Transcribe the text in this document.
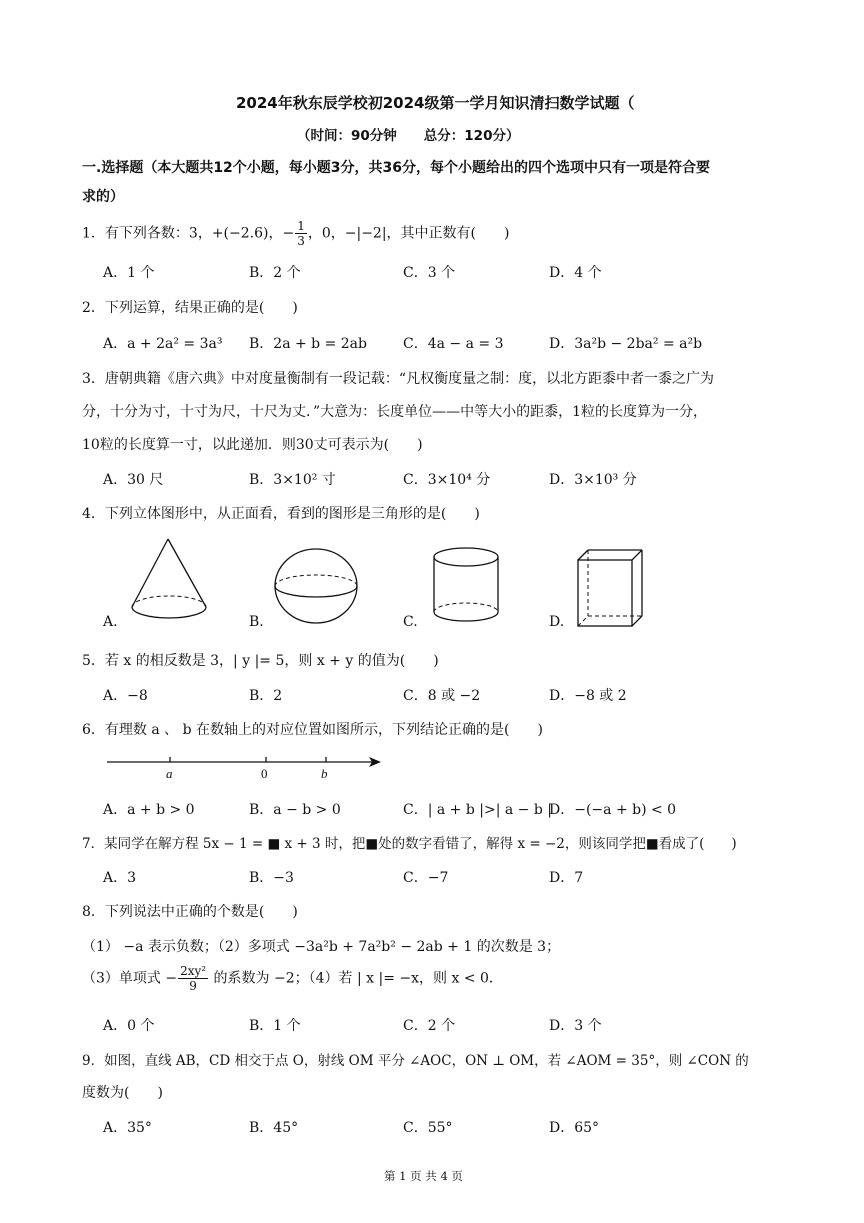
2024年秋东辰学校初2024级第一学月知识清扫数学试题（
（时间：90分钟　　总分：120分）
一.选择题（本大题共12个小题，每小题3分，共36分，每个小题给出的四个选项中只有一项是符合要
求的）
1．有下列各数：3，+(−2.6)，− $\frac{1}{3}$ ，0，−|−2|，其中正数有(　　)
A．1 个	B．2 个	C．3 个	D．4 个
2．下列运算，结果正确的是(　　)
A．a + 2a² = 3a³ B．2a + b = 2ab	C．4a − a = 3	D．3a²b − 2ba² = a²b
3．唐朝典籍《唐六典》中对度量衡制有一段记载：“凡权衡度量之制：度，以北方距黍中者一黍之广为
分，十分为寸，十寸为尺，十尺为丈．”大意为：长度单位——中等大小的距黍，1粒的长度算为一分，
10粒的长度算一寸，以此递加．则30丈可表示为(　　)
A．30 尺	B．3×10² 寸	C．3×10⁴ 分	D．3×10³ 分
4．下列立体图形中，从正面看，看到的图形是三角形的是(　　)
A.	B.	C.	D.
5．若 x 的相反数是 3，| y |= 5，则 x + y 的值为(　　)
A．−8	B．2	C．8 或 −2	D．−8 或 2
6．有理数 a 、 b 在数轴上的对应位置如图所示，下列结论正确的是(　　)
a	0	b
A．a + b > 0	B．a − b > 0	C．| a + b |>| a − b |
D．−(−a + b) < 0
7．某同学在解方程 5x − 1 = ■ x + 3 时，把■处的数字看错了，解得 x = −2，则该同学把■看成了(　　)
A．3	B．−3	C．−7	D．7
8．下列说法中正确的个数是(　　)
（1） −a 表示负数；（2）多项式 −3a²b + 7a²b² − 2ab + 1 的次数是 3；
（3）单项式 − $\frac{\text{2xy²}}{9}$ 的系数为 −2；（4）若 | x |= −x，则 x < 0．
A．0 个	B．1 个	C．2 个	D．3 个
9．如图，直线 AB，CD 相交于点 O，射线 OM 平分 ∠AOC，ON ⊥ OM，若 ∠AOM = 35°，则 ∠CON 的
度数为(　　)
A．35°	B．45°	C．55°	D．65°
第 1 页 共 4 页
